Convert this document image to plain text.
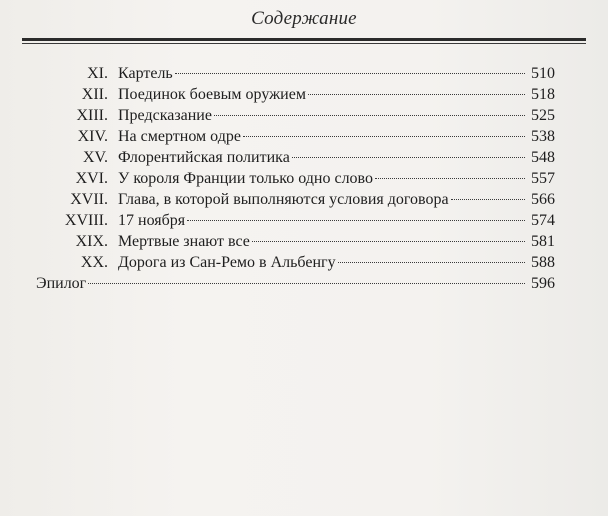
Содержание
XI. Картель	510
XII. Поединок боевым оружием	518
XIII. Предсказание	525
XIV. На смертном одре	538
XV. Флорентийская политика	548
XVI. У короля Франции только одно слово	557
XVII. Глава, в которой выполняются условия договора	566
XVIII. 17 ноября	574
XIX. Мертвые знают все	581
XX. Дорога из Сан-Ремо в Альбенгу	588
Эпилог	596
